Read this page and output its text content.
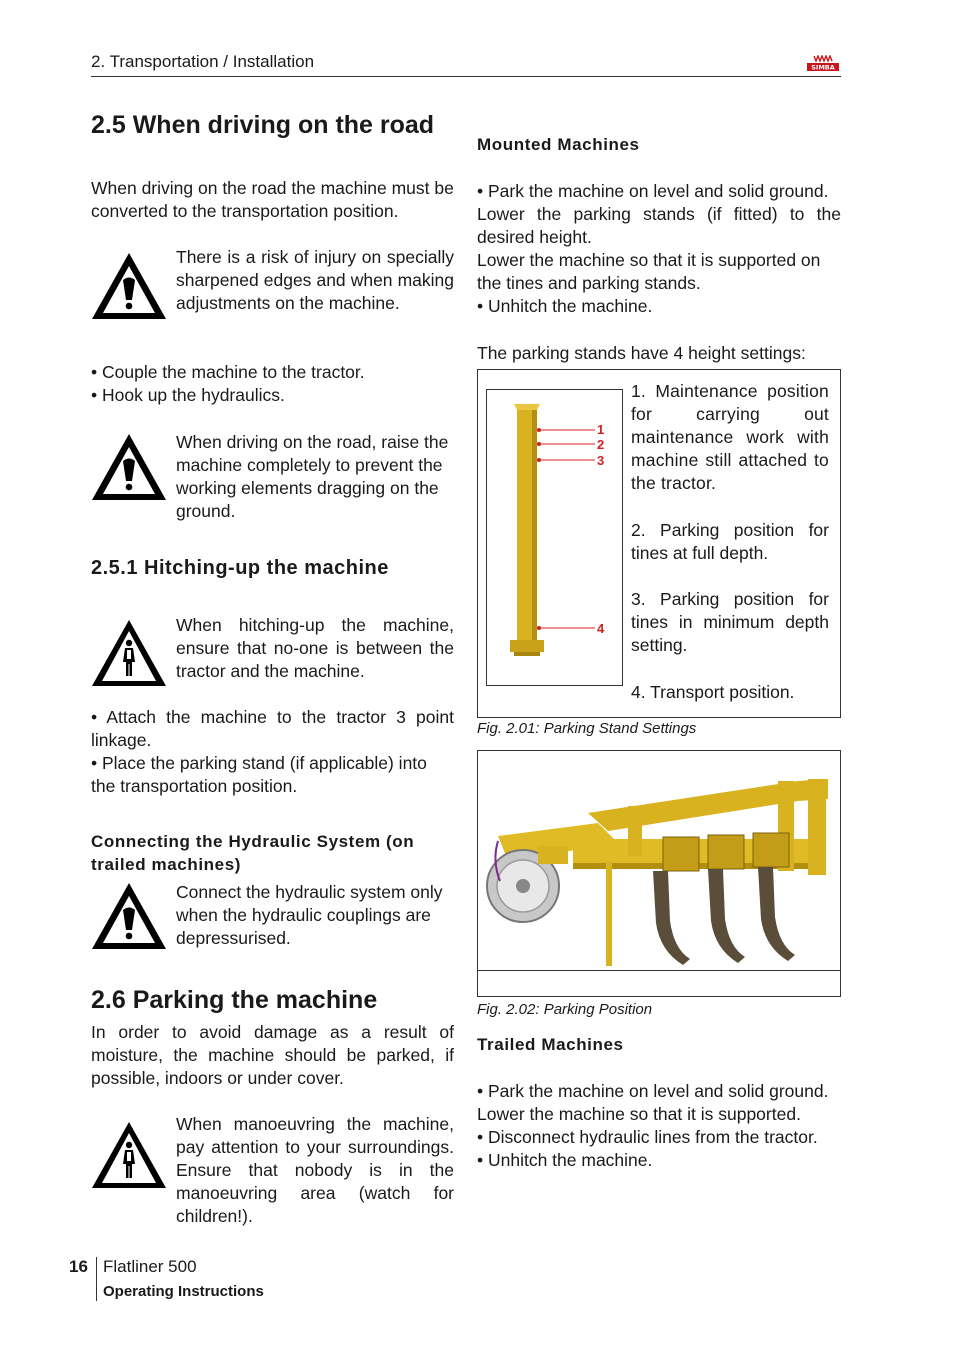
2. Transportation / Installation	SIMBA
2.5 When driving on the road

When driving on the road the machine must be converted to the transportation position.

There is a risk of injury on specially sharpened edges and when making adjustments on the machine.

• Couple the machine to the tractor.

• Hook up the hydraulics.

When driving on the road, raise the machine completely to prevent the working elements dragging on the ground.

2.5.1 Hitching-up the machine

When hitching-up the machine, ensure that no-one is between the tractor and the machine.

• Attach the machine to the tractor 3 point linkage.

• Place the parking stand (if applicable) into the transportation position.

Connecting the Hydraulic System (on trailed machines)

Connect the hydraulic system only when the hydraulic couplings are depressurised.

2.6 Parking the machine

In order to avoid damage as a result of moisture, the machine should be parked, if possible, indoors or under cover.

When manoeuvring the machine, pay attention to your surroundings. Ensure that nobody is in the manoeuvring area (watch for children!).

Mounted Machines

• Park the machine on level and solid ground.

Lower the parking stands (if fitted) to the desired height.

Lower the machine so that it is supported on the tines and parking stands.

• Unhitch the machine.

The parking stands have 4 height settings:

1
2
3
4

1. Maintenance position for carrying out maintenance work with machine still attached to the tractor.

2. Parking position for tines at full depth.

3. Parking position for tines in minimum depth setting.

4. Transport position.

Fig. 2.01: Parking Stand Settings
Fig. 2.02: Parking Position
Trailed Machines

• Park the machine on level and solid ground.

Lower the machine so that it is supported.

• Disconnect hydraulic lines from the tractor.

• Unhitch the machine.

16 Flatliner 500
Operating Instructions
